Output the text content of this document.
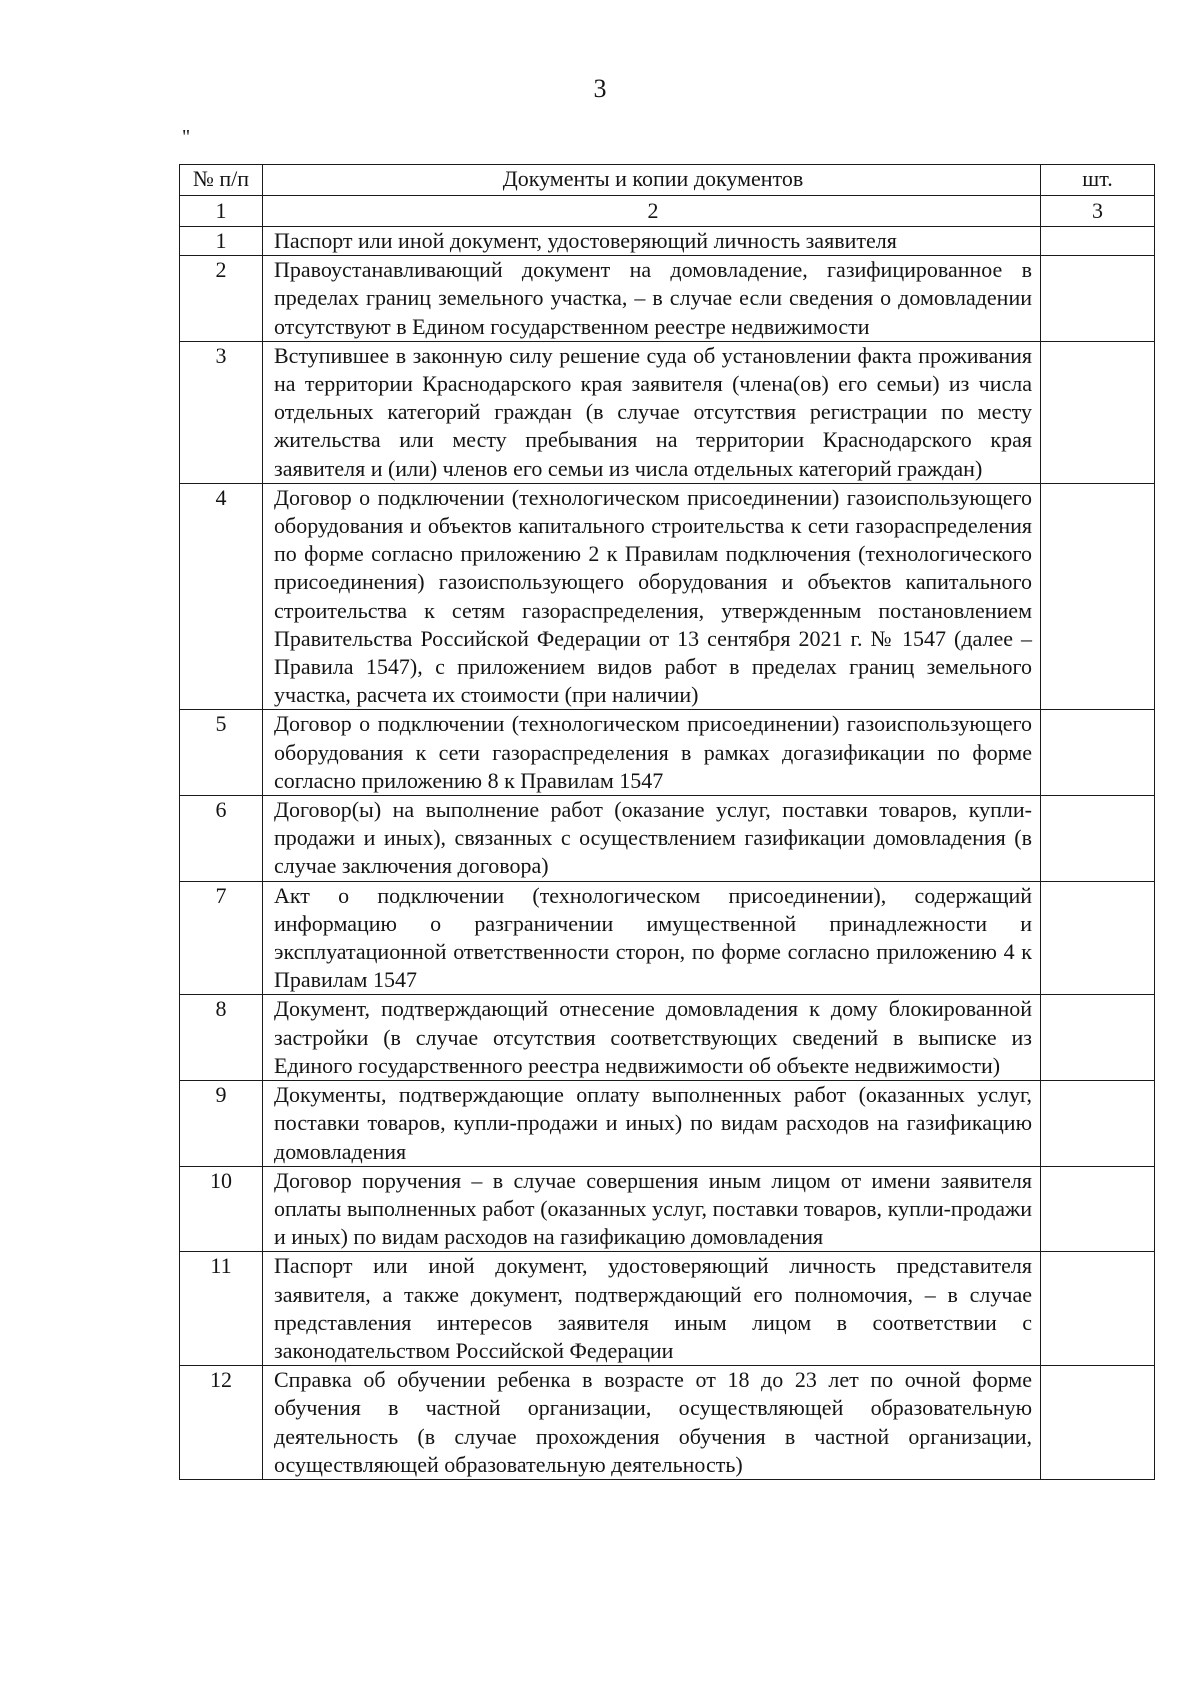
3
"
№ п/п	Документы и копии документов	шт.
1	2	3
1	Паспорт или иной документ, удостоверяющий личность заявителя	
2	Правоустанавливающий документ на домовладение, газифицированное в пределах границ земельного участка, – в случае если сведения о домовладении отсутствуют в Едином государственном реестре недвижимости	
3	Вступившее в законную силу решение суда об установлении факта проживания на территории Краснодарского края заявителя (члена(ов) его семьи) из числа отдельных категорий граждан (в случае отсутствия регистрации по месту жительства или месту пребывания на территории Краснодарского края заявителя и (или) членов его семьи из числа отдельных категорий граждан)	
4	Договор о подключении (технологическом присоединении) газоиспользующего оборудования и объектов капитального строительства к сети газораспределения по форме согласно приложению 2 к Правилам подключения (технологического присоединения) газоиспользующего оборудования и объектов капитального строительства к сетям газораспределения, утвержденным постановлением Правительства Российской Федерации от 13 сентября 2021 г. № 1547 (далее – Правила 1547), с приложением видов работ в пределах границ земельного участка, расчета их стоимости (при наличии)	
5	Договор о подключении (технологическом присоединении) газоиспользующего оборудования к сети газораспределения в рамках догазификации по форме согласно приложению 8 к Правилам 1547	
6	Договор(ы) на выполнение работ (оказание услуг, поставки товаров, купли-продажи и иных), связанных с осуществлением газификации домовладения (в случае заключения договора)	
7	Акт о подключении (технологическом присоединении), содержащий информацию о разграничении имущественной принадлежности и эксплуатационной ответственности сторон, по форме согласно приложению 4 к Правилам 1547	
8	Документ, подтверждающий отнесение домовладения к дому блокированной застройки (в случае отсутствия соответствующих сведений в выписке из Единого государственного реестра недвижимости об объекте недвижимости)	
9	Документы, подтверждающие оплату выполненных работ (оказанных услуг, поставки товаров, купли-продажи и иных) по видам расходов на газификацию домовладения	
10	Договор поручения – в случае совершения иным лицом от имени заявителя оплаты выполненных работ (оказанных услуг, поставки товаров, купли-продажи и иных) по видам расходов на газификацию домовладения	
11	Паспорт или иной документ, удостоверяющий личность представителя заявителя, а также документ, подтверждающий его полномочия, – в случае представления интересов заявителя иным лицом в соответствии с законодательством Российской Федерации	
12	Справка об обучении ребенка в возрасте от 18 до 23 лет по очной форме обучения в частной организации, осуществляющей образовательную деятельность (в случае прохождения обучения в частной организации, осуществляющей образовательную деятельность)	
